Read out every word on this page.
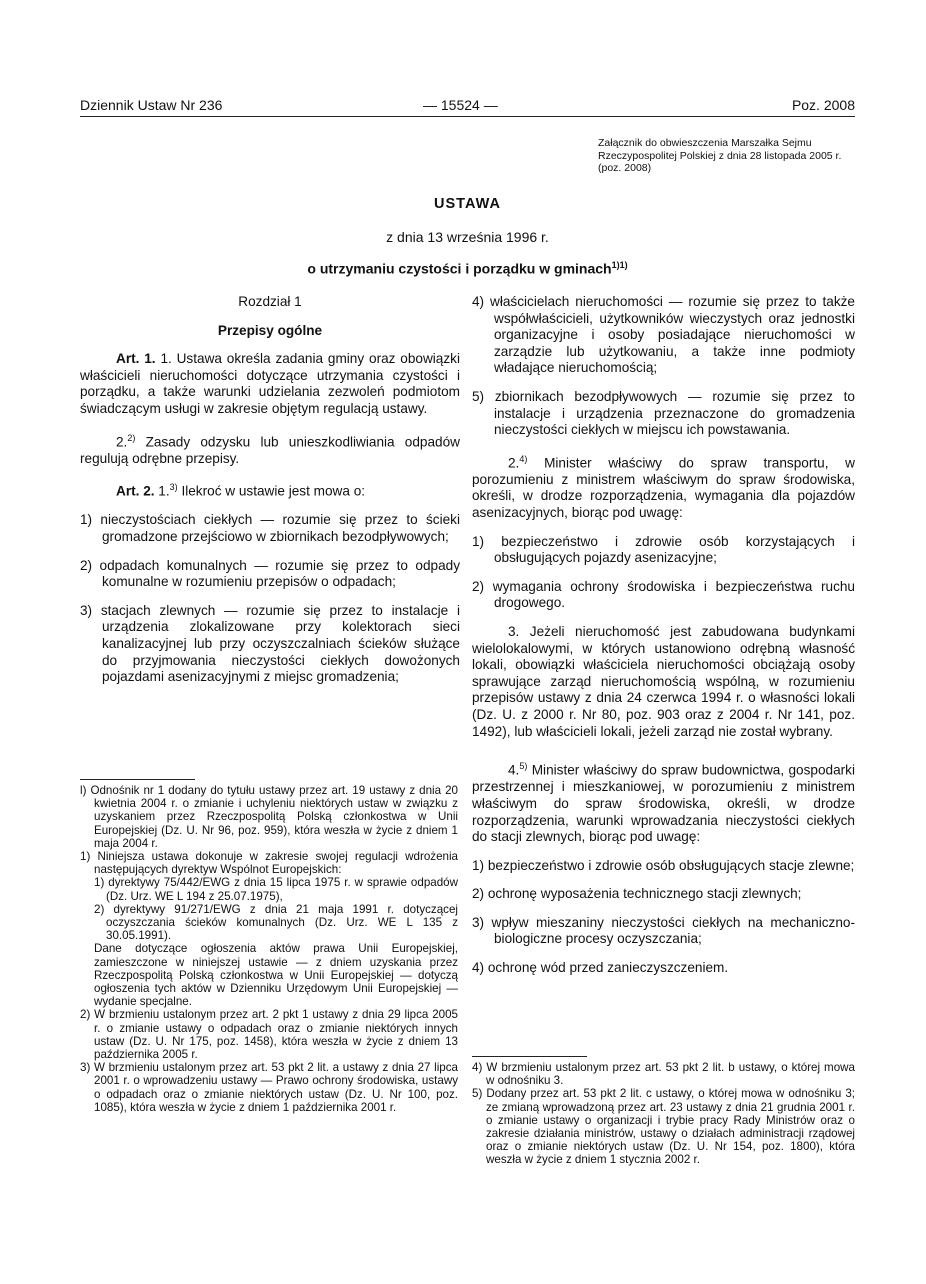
Dziennik Ustaw Nr 236	— 15524 —	Poz. 2008
Załącznik do obwieszczenia Marszałka Sejmu Rzeczypospolitej Polskiej z dnia 28 listopada 2005 r. (poz. 2008)
USTAWA
z dnia 13 września 1996 r.
o utrzymaniu czystości i porządku w gminach$^{1)1)}$

Rozdział 1

Przepisy ogólne

Art. 1. 1. Ustawa określa zadania gminy oraz obowiązki właścicieli nieruchomości dotyczące utrzymania czystości i porządku, a także warunki udzielania zezwoleń podmiotom świadczącym usługi w zakresie objętym regulacją ustawy.

2.$^{2)}$ Zasady odzysku lub unieszkodliwiania odpadów regulują odrębne przepisy.

Art. 2. 1.$^{3)}$ Ilekroć w ustawie jest mowa o:

1) nieczystościach ciekłych — rozumie się przez to ścieki gromadzone przejściowo w zbiornikach bezodpływowych;

2) odpadach komunalnych — rozumie się przez to odpady komunalne w rozumieniu przepisów o odpadach;

3) stacjach zlewnych — rozumie się przez to instalacje i urządzenia zlokalizowane przy kolektorach sieci kanalizacyjnej lub przy oczyszczalniach ścieków służące do przyjmowania nieczystości ciekłych dowożonych pojazdami asenizacyjnymi z miejsc gromadzenia;

4) właścicielach nieruchomości — rozumie się przez to także współwłaścicieli, użytkowników wieczystych oraz jednostki organizacyjne i osoby posiadające nieruchomości w zarządzie lub użytkowaniu, a także inne podmioty władające nieruchomością;

5) zbiornikach bezodpływowych — rozumie się przez to instalacje i urządzenia przeznaczone do gromadzenia nieczystości ciekłych w miejscu ich powstawania.

2.$^{4)}$ Minister właściwy do spraw transportu, w porozumieniu z ministrem właściwym do spraw środowiska, określi, w drodze rozporządzenia, wymagania dla pojazdów asenizacyjnych, biorąc pod uwagę:

1) bezpieczeństwo i zdrowie osób korzystających i obsługujących pojazdy asenizacyjne;

2) wymagania ochrony środowiska i bezpieczeństwa ruchu drogowego.

3. Jeżeli nieruchomość jest zabudowana budynkami wielolokalowymi, w których ustanowiono odrębną własność lokali, obowiązki właściciela nieruchomości obciążają osoby sprawujące zarząd nieruchomością wspólną, w rozumieniu przepisów ustawy z dnia 24 czerwca 1994 r. o własności lokali (Dz. U. z 2000 r. Nr 80, poz. 903 oraz z 2004 r. Nr 141, poz. 1492), lub właścicieli lokali, jeżeli zarząd nie został wybrany.

4.$^{5)}$ Minister właściwy do spraw budownictwa, gospodarki przestrzennej i mieszkaniowej, w porozumieniu z ministrem właściwym do spraw środowiska, określi, w drodze rozporządzenia, warunki wprowadzania nieczystości ciekłych do stacji zlewnych, biorąc pod uwagę:

1) bezpieczeństwo i zdrowie osób obsługujących stacje zlewne;

2) ochronę wyposażenia technicznego stacji zlewnych;

3) wpływ mieszaniny nieczystości ciekłych na mechaniczno-biologiczne procesy oczyszczania;

4) ochronę wód przed zanieczyszczeniem.

l) Odnośnik nr 1 dodany do tytułu ustawy przez art. 19 ustawy z dnia 20 kwietnia 2004 r. o zmianie i uchyleniu niektórych ustaw w związku z uzyskaniem przez Rzeczpospolitą Polską członkostwa w Unii Europejskiej (Dz. U. Nr 96, poz. 959), która weszła w życie z dniem 1 maja 2004 r.

1) Niniejsza ustawa dokonuje w zakresie swojej regulacji wdrożenia następujących dyrektyw Wspólnot Europejskich:

1) dyrektywy 75/442/EWG z dnia 15 lipca 1975 r. w sprawie odpadów (Dz. Urz. WE L 194 z 25.07.1975),

2) dyrektywy 91/271/EWG z dnia 21 maja 1991 r. dotyczącej oczyszczania ścieków komunalnych (Dz. Urz. WE L 135 z 30.05.1991).

Dane dotyczące ogłoszenia aktów prawa Unii Europejskiej, zamieszczone w niniejszej ustawie — z dniem uzyskania przez Rzeczpospolitą Polską członkostwa w Unii Europejskiej — dotyczą ogłoszenia tych aktów w Dzienniku Urzędowym Unii Europejskiej — wydanie specjalne.

2) W brzmieniu ustalonym przez art. 2 pkt 1 ustawy z dnia 29 lipca 2005 r. o zmianie ustawy o odpadach oraz o zmianie niektórych innych ustaw (Dz. U. Nr 175, poz. 1458), która weszła w życie z dniem 13 października 2005 r.

3) W brzmieniu ustalonym przez art. 53 pkt 2 lit. a ustawy z dnia 27 lipca 2001 r. o wprowadzeniu ustawy — Prawo ochrony środowiska, ustawy o odpadach oraz o zmianie niektórych ustaw (Dz. U. Nr 100, poz. 1085), która weszła w życie z dniem 1 października 2001 r.

4) W brzmieniu ustalonym przez art. 53 pkt 2 lit. b ustawy, o której mowa w odnośniku 3.

5) Dodany przez art. 53 pkt 2 lit. c ustawy, o której mowa w odnośniku 3; ze zmianą wprowadzoną przez art. 23 ustawy z dnia 21 grudnia 2001 r. o zmianie ustawy o organizacji i trybie pracy Rady Ministrów oraz o zakresie działania ministrów, ustawy o działach administracji rządowej oraz o zmianie niektórych ustaw (Dz. U. Nr 154, poz. 1800), która weszła w życie z dniem 1 stycznia 2002 r.
